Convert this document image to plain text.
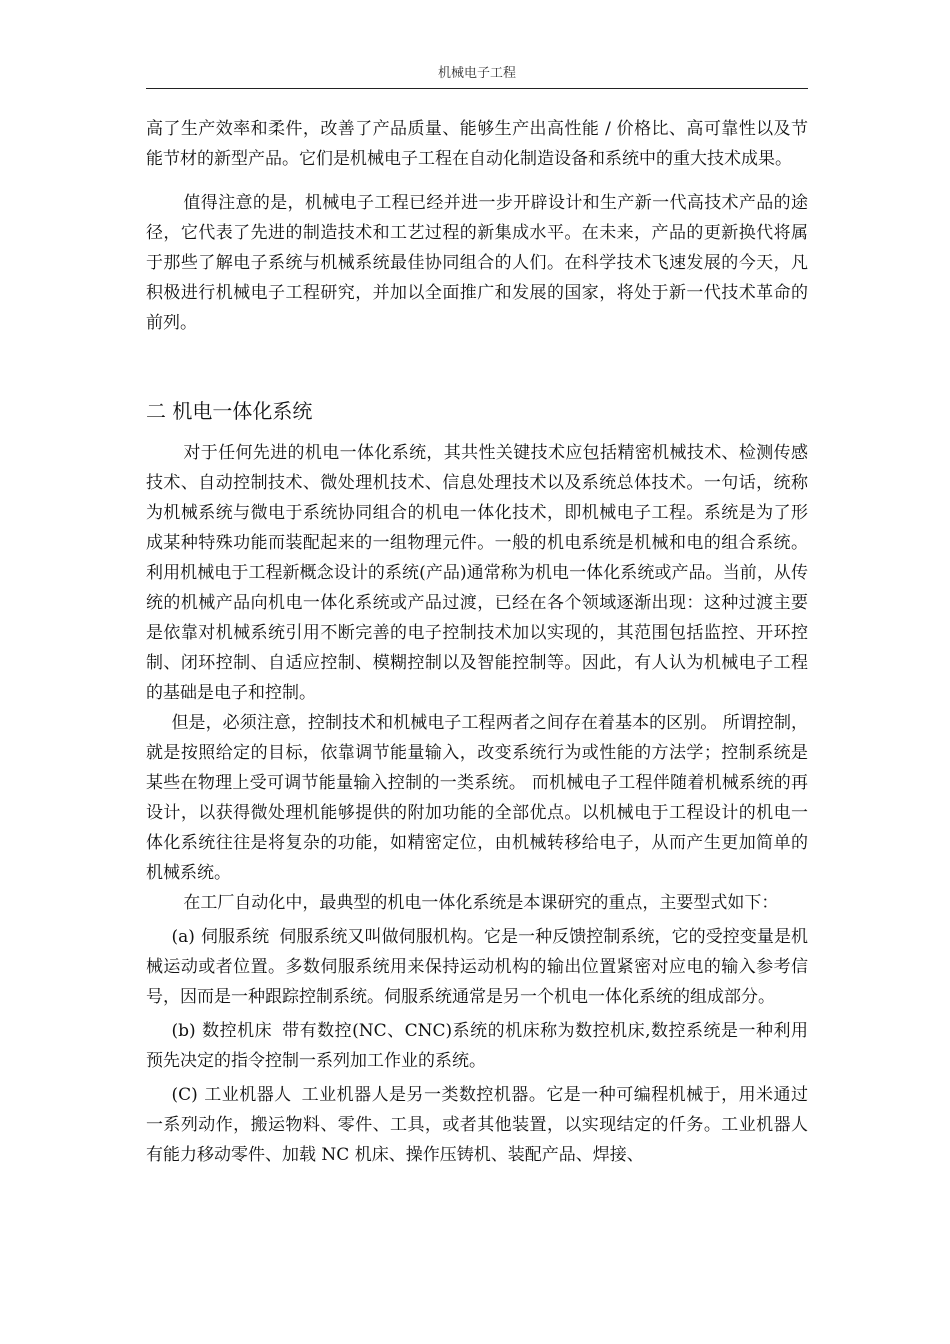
机械电子工程

高了生产效率和柔件，改善了产品质量、能够生产出高性能 / 价格比、高可靠性以及节能节材的新型产品。它们是机械电子工程在自动化制造设备和系统中的重大技术成果。

值得注意的是，机械电子工程已经并进一步开辟设计和生产新一代高技术产品的途径，它代表了先进的制造技术和工艺过程的新集成水平。在未来，产品的更新换代将属于那些了解电子系统与机械系统最佳协同组合的人们。在科学技术飞速发展的今天，凡积极进行机械电子工程研究，并加以全面推广和发展的国家，将处于新一代技术革命的前列。

二 机电一体化系统

对于任何先进的机电一体化系统，其共性关键技术应包括精密机械技术、检测传感技术、自动控制技术、微处理机技术、信息处理技术以及系统总体技术。一句话，统称为机械系统与微电于系统协同组合的机电一体化技术，即机械电子工程。系统是为了形成某种特殊功能而装配起来的一组物理元件。一般的机电系统是机械和电的组合系统。利用机械电于工程新概念设计的系统(产品)通常称为机电一体化系统或产品。当前，从传统的机械产品向机电一体化系统或产品过渡，已经在各个领域逐渐出现：这种过渡主要是依靠对机械系统引用不断完善的电子控制技术加以实现的，其范围包括监控、开环控制、闭环控制、自适应控制、模糊控制以及智能控制等。因此，有人认为机械电子工程的基础是电子和控制。

但是，必须注意，控制技术和机械电子工程两者之间存在着基本的区别。 所谓控制，就是按照给定的目标，依靠调节能量输入，改变系统行为或性能的方法学；控制系统是某些在物理上受可调节能量输入控制的一类系统。 而机械电子工程伴随着机械系统的再设计，以获得微处理机能够提供的附加功能的全部优点。以机械电于工程设计的机电一体化系统往往是将复杂的功能，如精密定位，由机械转移给电子，从而产生更加简单的机械系统。

在工厂自动化中，最典型的机电一体化系统是本课研究的重点，主要型式如下：

(a) 伺服系统 伺服系统又叫做伺服机构。它是一种反馈控制系统，它的受控变量是机械运动或者位置。多数伺服系统用来保持运动机构的输出位置紧密对应电的输入参考信号，因而是一种跟踪控制系统。伺服系统通常是另一个机电一体化系统的组成部分。

(b) 数控机床 带有数控(NC、CNC)系统的机床称为数控机床,数控系统是一种利用预先决定的指令控制一系列加工作业的系统。

(C) 工业机器人 工业机器人是另一类数控机器。它是一种可编程机械于，用米通过一系列动作，搬运物料、零件、工具，或者其他装置，以实现结定的仟务。工业机器人有能力移动零件、加载 NC 机床、操作压铸机、装配产品、焊接、
